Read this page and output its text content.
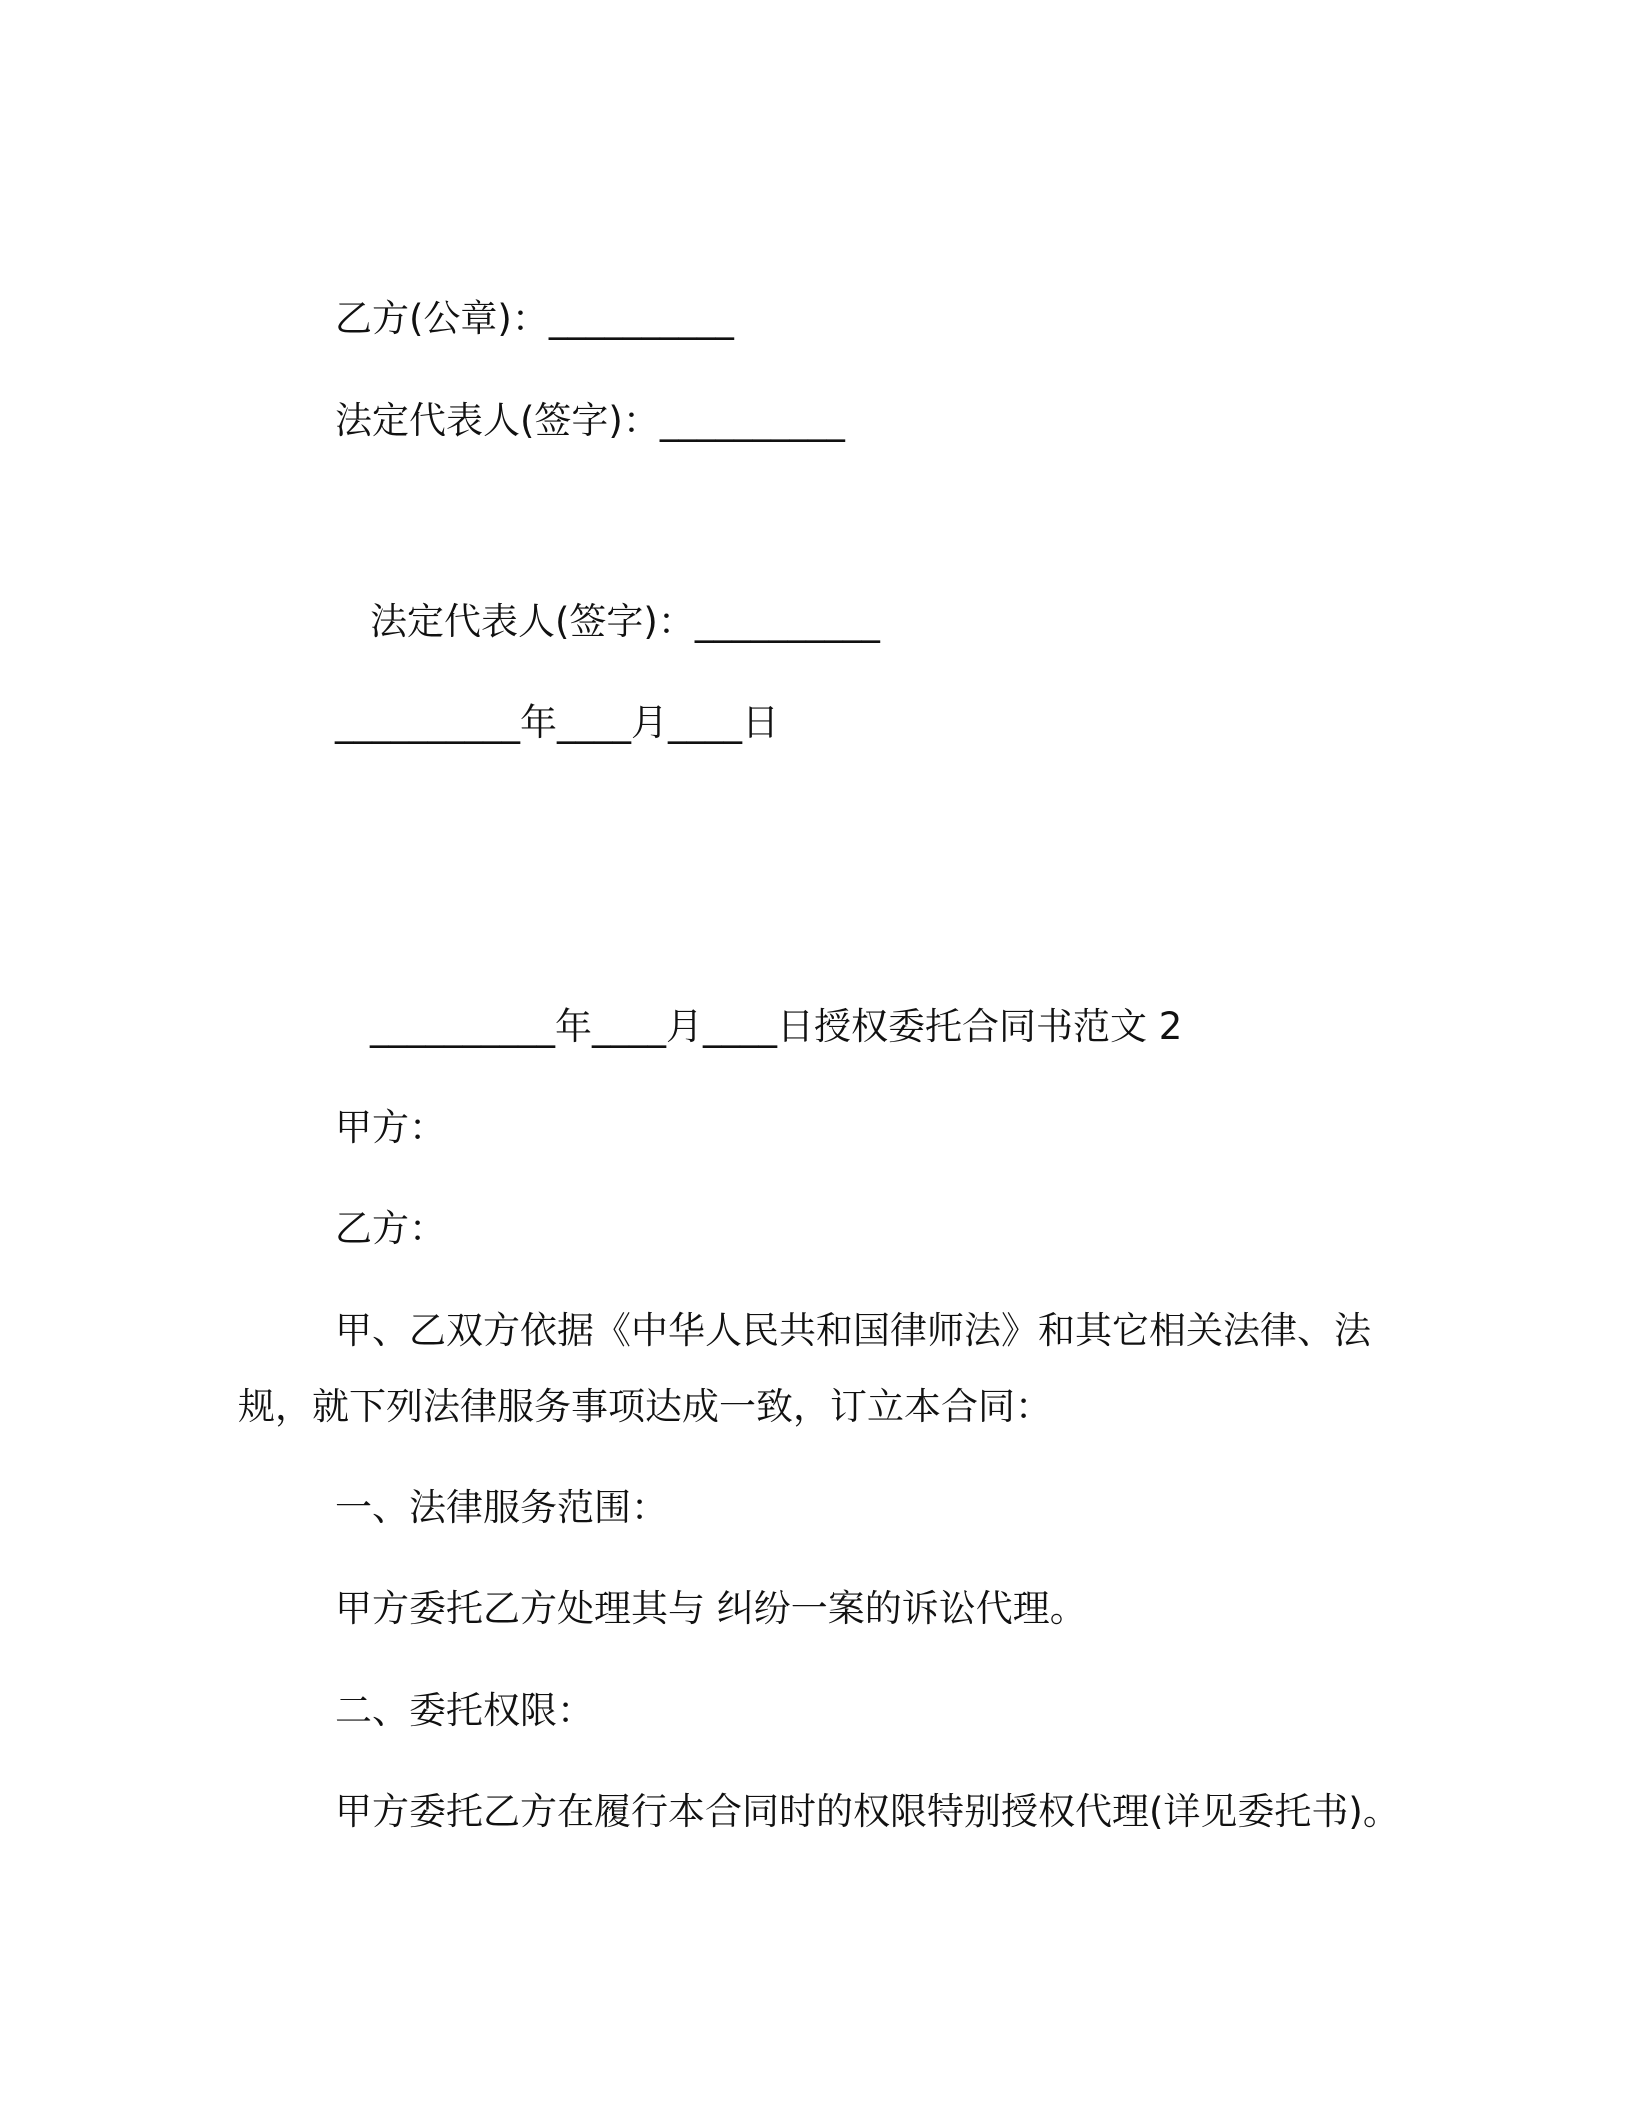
乙方(公章)：__________
法定代表人(签字)：__________
法定代表人(签字)：__________
__________年____月____日
__________年____月____日授权委托合同书范文 2
甲方：
乙方：
甲、乙双方依据《中华人民共和国律师法》和其它相关法律、法
规，就下列法律服务事项达成一致，订立本合同：
一、法律服务范围：
甲方委托乙方处理其与 纠纷一案的诉讼代理。
二、委托权限：
甲方委托乙方在履行本合同时的权限特别授权代理(详见委托书)。
